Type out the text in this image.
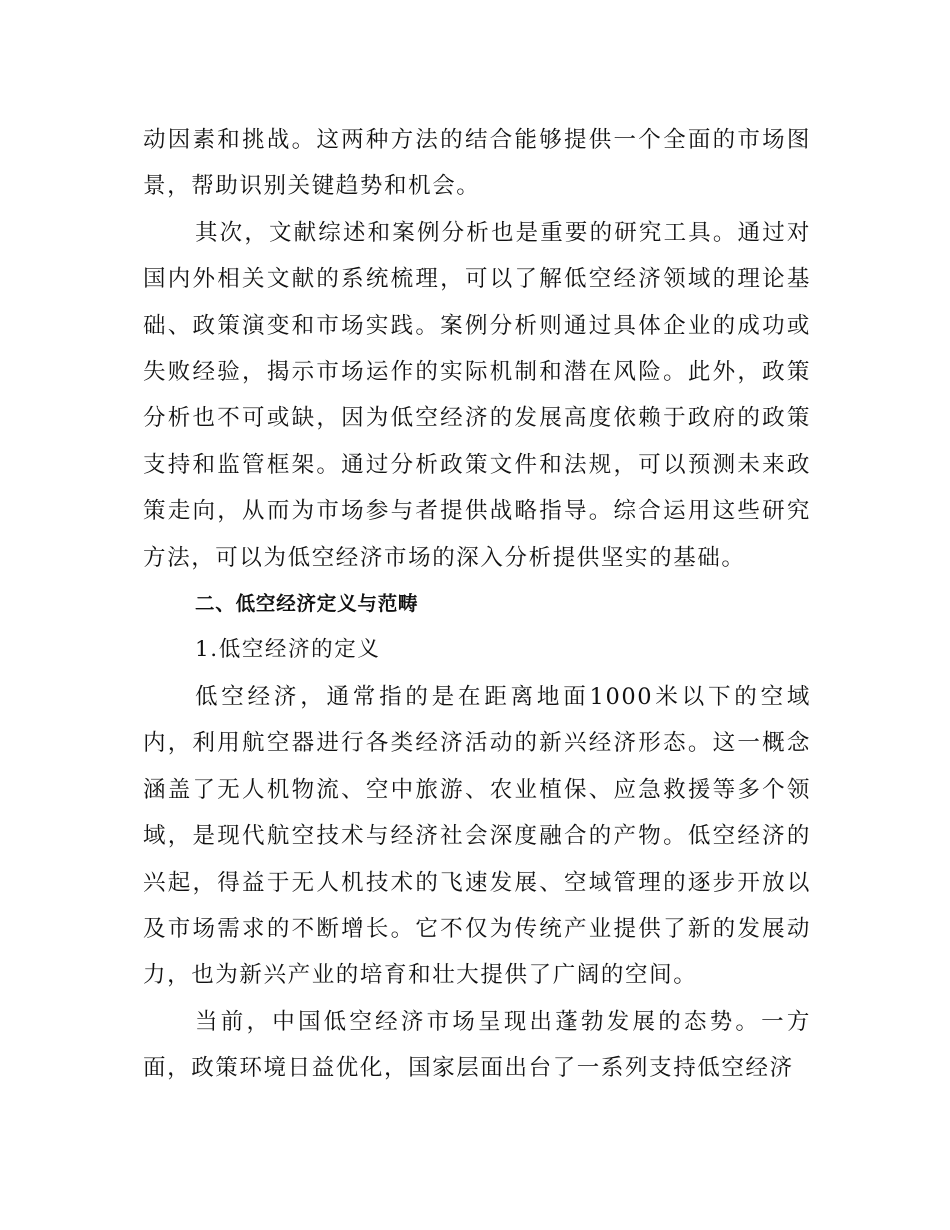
动因素和挑战。这两种方法的结合能够提供一个全面的市场图景，帮助识别关键趋势和机会。

其次，文献综述和案例分析也是重要的研究工具。通过对国内外相关文献的系统梳理，可以了解低空经济领域的理论基础、政策演变和市场实践。案例分析则通过具体企业的成功或失败经验，揭示市场运作的实际机制和潜在风险。此外，政策分析也不可或缺，因为低空经济的发展高度依赖于政府的政策支持和监管框架。通过分析政策文件和法规，可以预测未来政策走向，从而为市场参与者提供战略指导。综合运用这些研究方法，可以为低空经济市场的深入分析提供坚实的基础。

二、低空经济定义与范畴

1.低空经济的定义

低空经济，通常指的是在距离地面1000米以下的空域内，利用航空器进行各类经济活动的新兴经济形态。这一概念涵盖了无人机物流、空中旅游、农业植保、应急救援等多个领域，是现代航空技术与经济社会深度融合的产物。低空经济的兴起，得益于无人机技术的飞速发展、空域管理的逐步开放以及市场需求的不断增长。它不仅为传统产业提供了新的发展动力，也为新兴产业的培育和壮大提供了广阔的空间。

当前，中国低空经济市场呈现出蓬勃发展的态势。一方面，政策环境日益优化，国家层面出台了一系列支持低空经济
